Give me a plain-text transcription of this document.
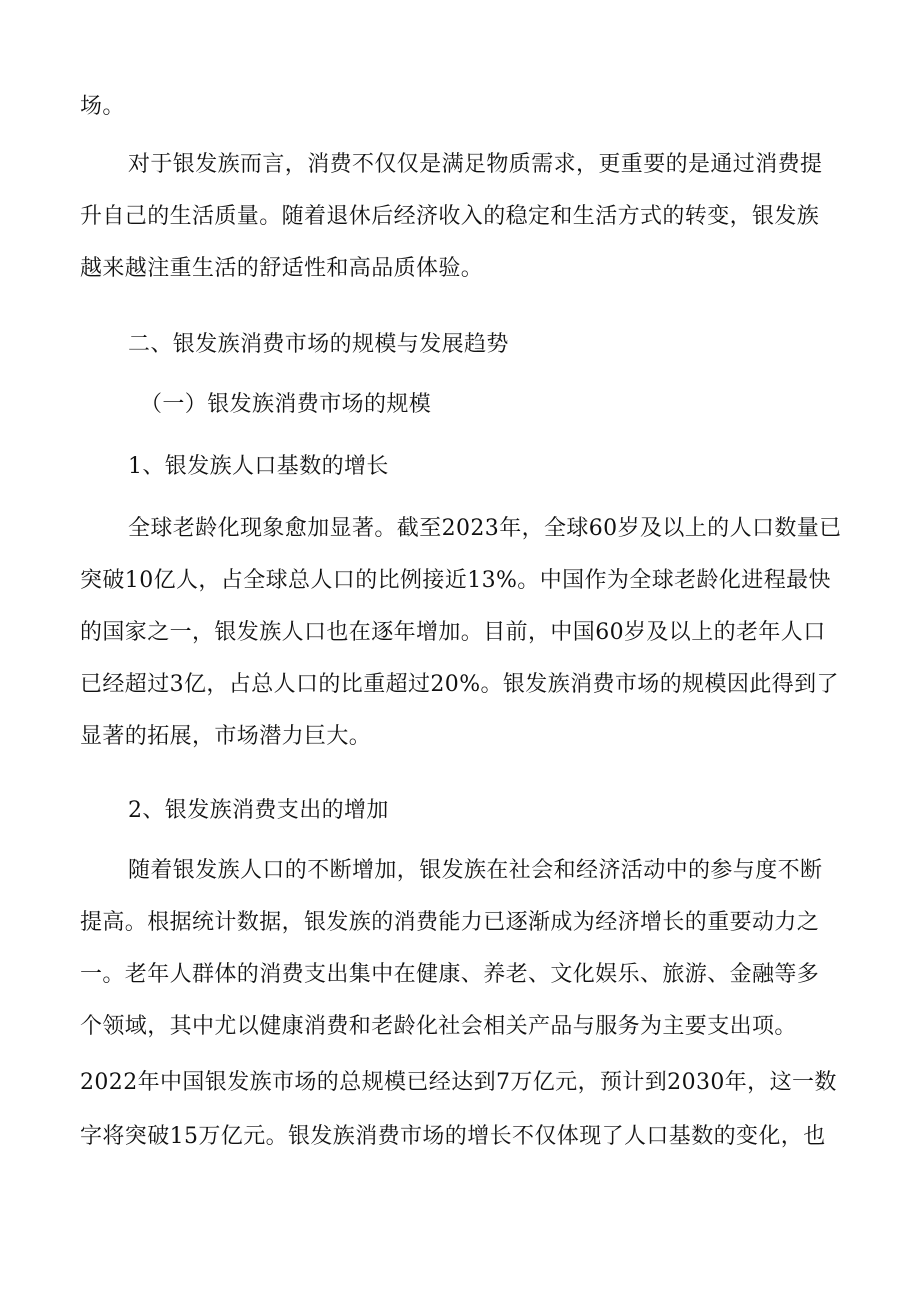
场。
对于银发族而言，消费不仅仅是满足物质需求，更重要的是通过消费提
升自己的生活质量。随着退休后经济收入的稳定和生活方式的转变，银发族
越来越注重生活的舒适性和高品质体验。
二、银发族消费市场的规模与发展趋势
（一）银发族消费市场的规模
1、银发族人口基数的增长
全球老龄化现象愈加显著。截至2023年，全球60岁及以上的人口数量已
突破10亿人，占全球总人口的比例接近13%。中国作为全球老龄化进程最快
的国家之一，银发族人口也在逐年增加。目前，中国60岁及以上的老年人口
已经超过3亿，占总人口的比重超过20%。银发族消费市场的规模因此得到了
显著的拓展，市场潜力巨大。
2、银发族消费支出的增加
随着银发族人口的不断增加，银发族在社会和经济活动中的参与度不断
提高。根据统计数据，银发族的消费能力已逐渐成为经济增长的重要动力之
一。老年人群体的消费支出集中在健康、养老、文化娱乐、旅游、金融等多
个领域，其中尤以健康消费和老龄化社会相关产品与服务为主要支出项。
2022年中国银发族市场的总规模已经达到7万亿元，预计到2030年，这一数
字将突破15万亿元。银发族消费市场的增长不仅体现了人口基数的变化，也
